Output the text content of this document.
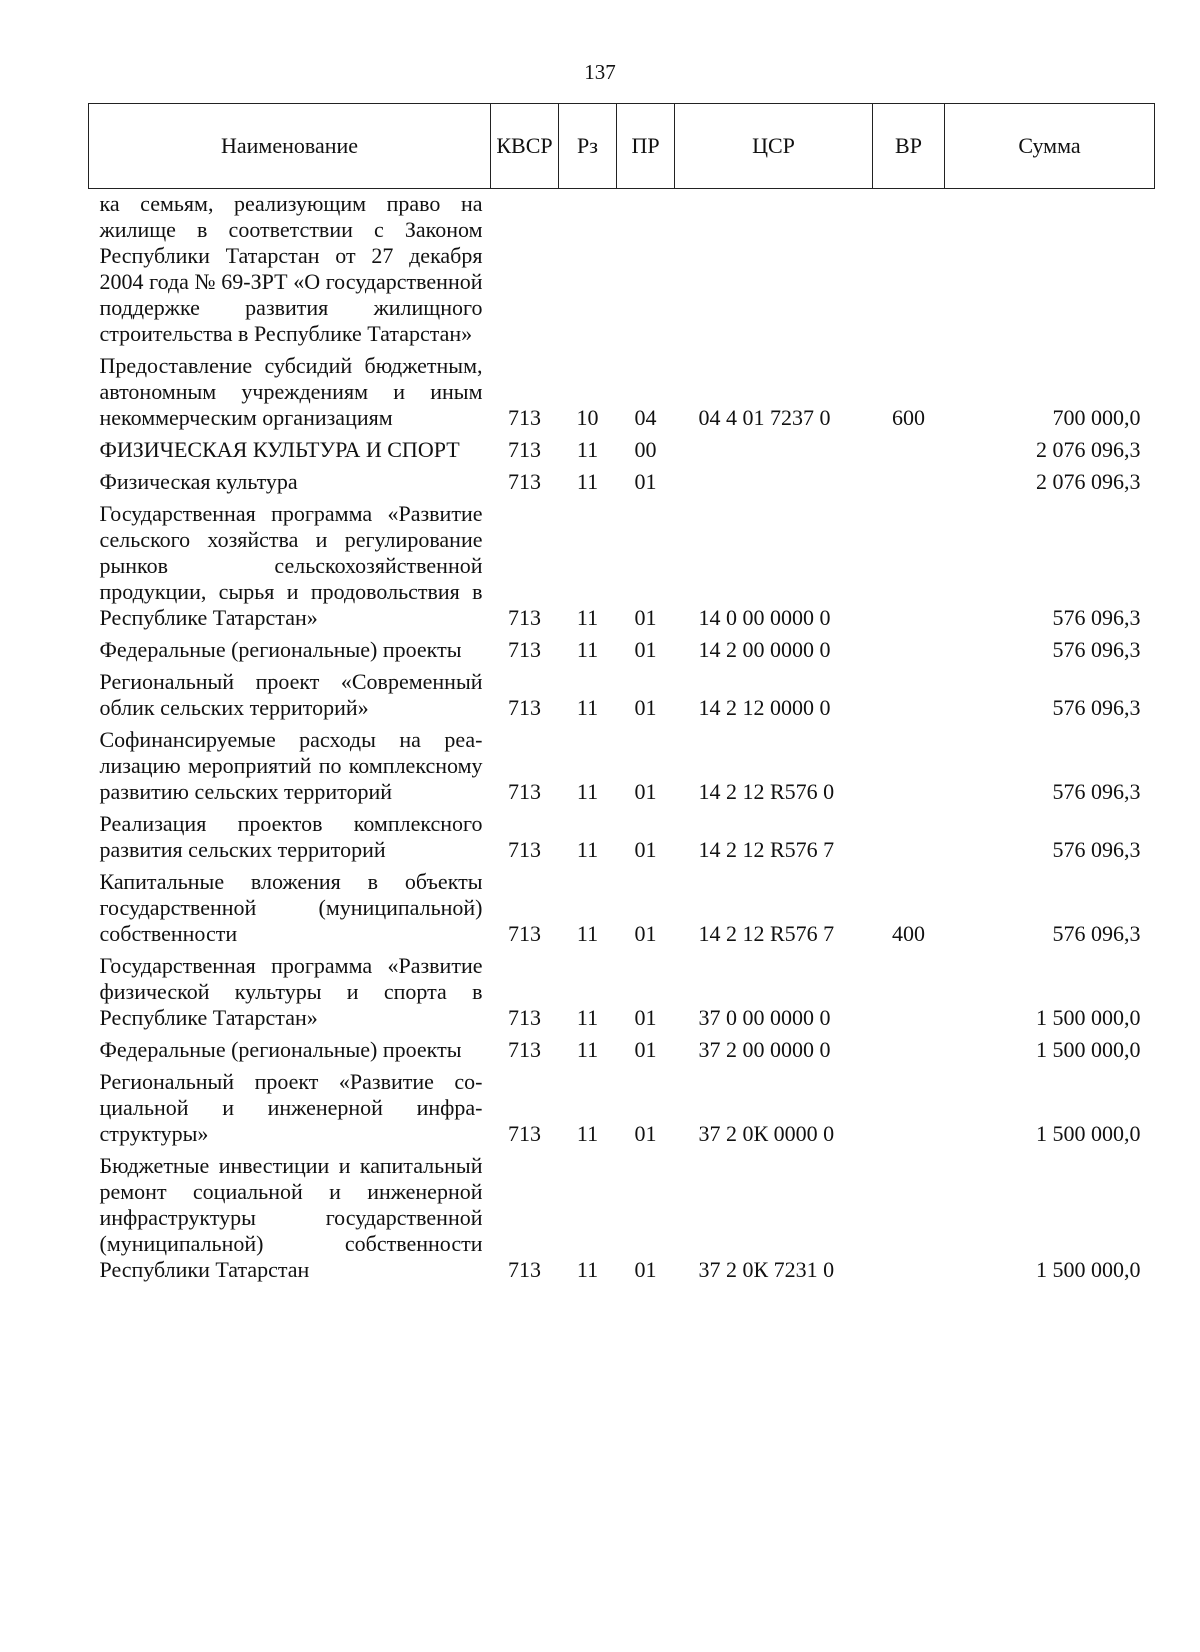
137
Наименование	КВСР	Рз	ПР	ЦСР	ВР	Сумма
ка семьям, реализующим право на жилище в соответствии с Законом Республики Татарстан от 27 декабря 2004 года № 69-ЗРТ «О государственной поддержке развития жилищного строительства в Республике Татарстан»						
Предоставление субсидий бюджетным, автономным учреждениям и иным некоммерческим организациям	713	10	04	04 4 01 7237 0	600	700 000,0
ФИЗИЧЕСКАЯ КУЛЬТУРА И СПОРТ	713	11	00			2 076 096,3
Физическая культура	713	11	01			2 076 096,3
Государственная программа «Развитие сельского хозяйства и регулирование рынков сельскохозяйственной продукции, сырья и продовольствия в Республике Татарстан»	713	11	01	14 0 00 0000 0		576 096,3
Федеральные (региональные) проекты	713	11	01	14 2 00 0000 0		576 096,3
Региональный проект «Современный облик сельских территорий»	713	11	01	14 2 12 0000 0		576 096,3
Софинансируемые расходы на реализацию мероприятий по комплексному развитию сельских территорий	713	11	01	14 2 12 R576 0		576 096,3
Реализация проектов комплексного развития сельских территорий	713	11	01	14 2 12 R576 7		576 096,3
Капитальные вложения в объекты государственной (муниципальной) собственности	713	11	01	14 2 12 R576 7	400	576 096,3
Государственная программа «Развитие физической культуры и спорта в Республике Татарстан»	713	11	01	37 0 00 0000 0		1 500 000,0
Федеральные (региональные) проекты	713	11	01	37 2 00 0000 0		1 500 000,0
Региональный проект «Развитие социальной и инженерной инфраструктуры»	713	11	01	37 2 0К 0000 0		1 500 000,0
Бюджетные инвестиции и капитальный ремонт социальной и инженерной инфраструктуры государственной (муниципальной) собственности Республики Татарстан	713	11	01	37 2 0К 7231 0		1 500 000,0
